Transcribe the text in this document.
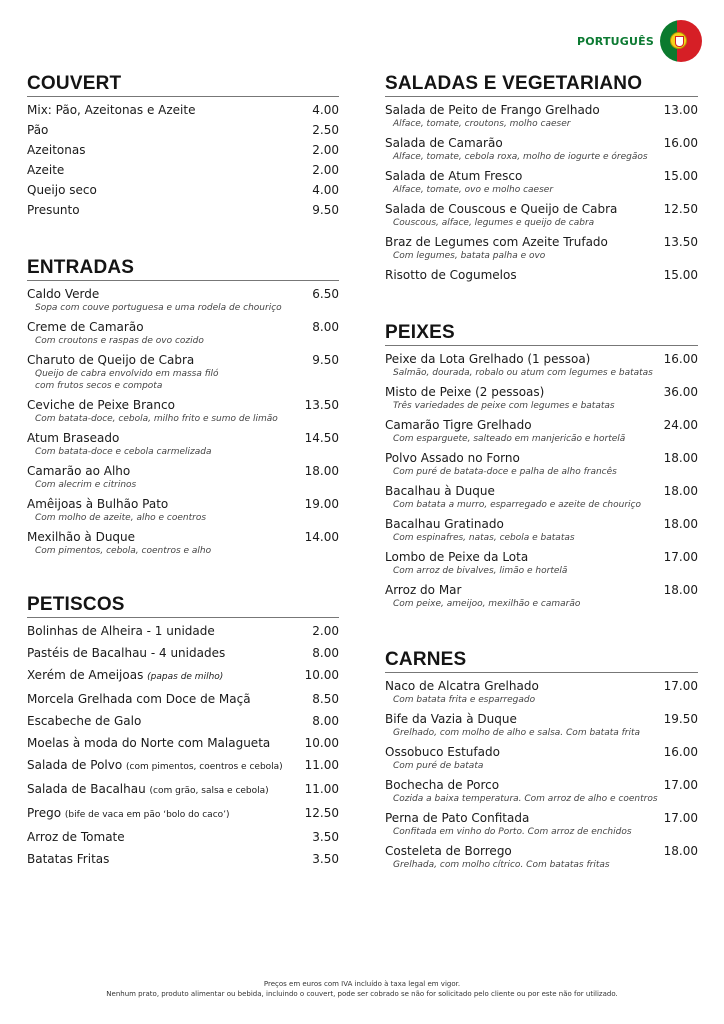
PORTUGUÊS
COUVERT
Mix: Pão, Azeitonas e Azeite	4.00
Pão	2.50
Azeitonas	2.00
Azeite	2.00
Queijo seco	4.00
Presunto	9.50
ENTRADAS
Caldo Verde	6.50
Sopa com couve portuguesa e uma rodela de chouriço
Creme de Camarão	8.00
Com croutons e raspas de ovo cozido
Charuto de Queijo de Cabra	9.50
Queijo de cabra envolvido em massa filó
com frutos secos e compota
Ceviche de Peixe Branco	13.50
Com batata-doce, cebola, milho frito e sumo de limão
Atum Braseado	14.50
Com batata-doce e cebola carmelizada
Camarão ao Alho	18.00
Com alecrim e citrinos
Amêijoas à Bulhão Pato	19.00
Com molho de azeite, alho e coentros
Mexilhão à Duque	14.00
Com pimentos, cebola, coentros e alho
PETISCOS
Bolinhas de Alheira - 1 unidade	2.00
Pastéis de Bacalhau - 4 unidades	8.00
Xerém de Ameijoas (papas de milho)	10.00
Morcela Grelhada com Doce de Maçã	8.50
Escabeche de Galo	8.00
Moelas à moda do Norte com Malagueta	10.00
Salada de Polvo (com pimentos, coentros e cebola) 11.00
Salada de Bacalhau (com grão, salsa e cebola)	11.00
Prego (bife de vaca em pão ‘bolo do caco’)	12.50
Arroz de Tomate	3.50
Batatas Fritas	3.50
SALADAS E VEGETARIANO
Salada de Peito de Frango Grelhado	13.00
Alface, tomate, croutons, molho caeser
Salada de Camarão	16.00
Alface, tomate, cebola roxa, molho de iogurte e óregãos
Salada de Atum Fresco	15.00
Alface, tomate, ovo e molho caeser
Salada de Couscous e Queijo de Cabra	12.50
Couscous, alface, legumes e queijo de cabra
Braz de Legumes com Azeite Trufado	13.50
Com legumes, batata palha e ovo
Risotto de Cogumelos	15.00
PEIXES
Peixe da Lota Grelhado (1 pessoa)	16.00
Salmão, dourada, robalo ou atum com legumes e batatas
Misto de Peixe (2 pessoas)	36.00
Três variedades de peixe com legumes e batatas
Camarão Tigre Grelhado	24.00
Com esparguete, salteado em manjericão e hortelã
Polvo Assado no Forno	18.00
Com puré de batata-doce e palha de alho francês
Bacalhau à Duque	18.00
Com batata a murro, esparregado e azeite de chouriço
Bacalhau Gratinado	18.00
Com espinafres, natas, cebola e batatas
Lombo de Peixe da Lota	17.00
Com arroz de bivalves, limão e hortelã
Arroz do Mar	18.00
Com peixe, ameijoo, mexilhão e camarão
CARNES
Naco de Alcatra Grelhado	17.00
Com batata frita e esparregado
Bife da Vazia à Duque	19.50
Grelhado, com molho de alho e salsa. Com batata frita
Ossobuco Estufado	16.00
Com puré de batata
Bochecha de Porco	17.00
Cozida a baixa temperatura. Com arroz de alho e coentros
Perna de Pato Confitada	17.00
Confitada em vinho do Porto. Com arroz de enchidos
Costeleta de Borrego	18.00
Grelhada, com molho cítrico. Com batatas fritas
Preços em euros com IVA incluído à taxa legal em vigor.
Nenhum prato, produto alimentar ou bebida, incluindo o couvert, pode ser cobrado se não for solicitado pelo cliente ou por este não for utilizado.
